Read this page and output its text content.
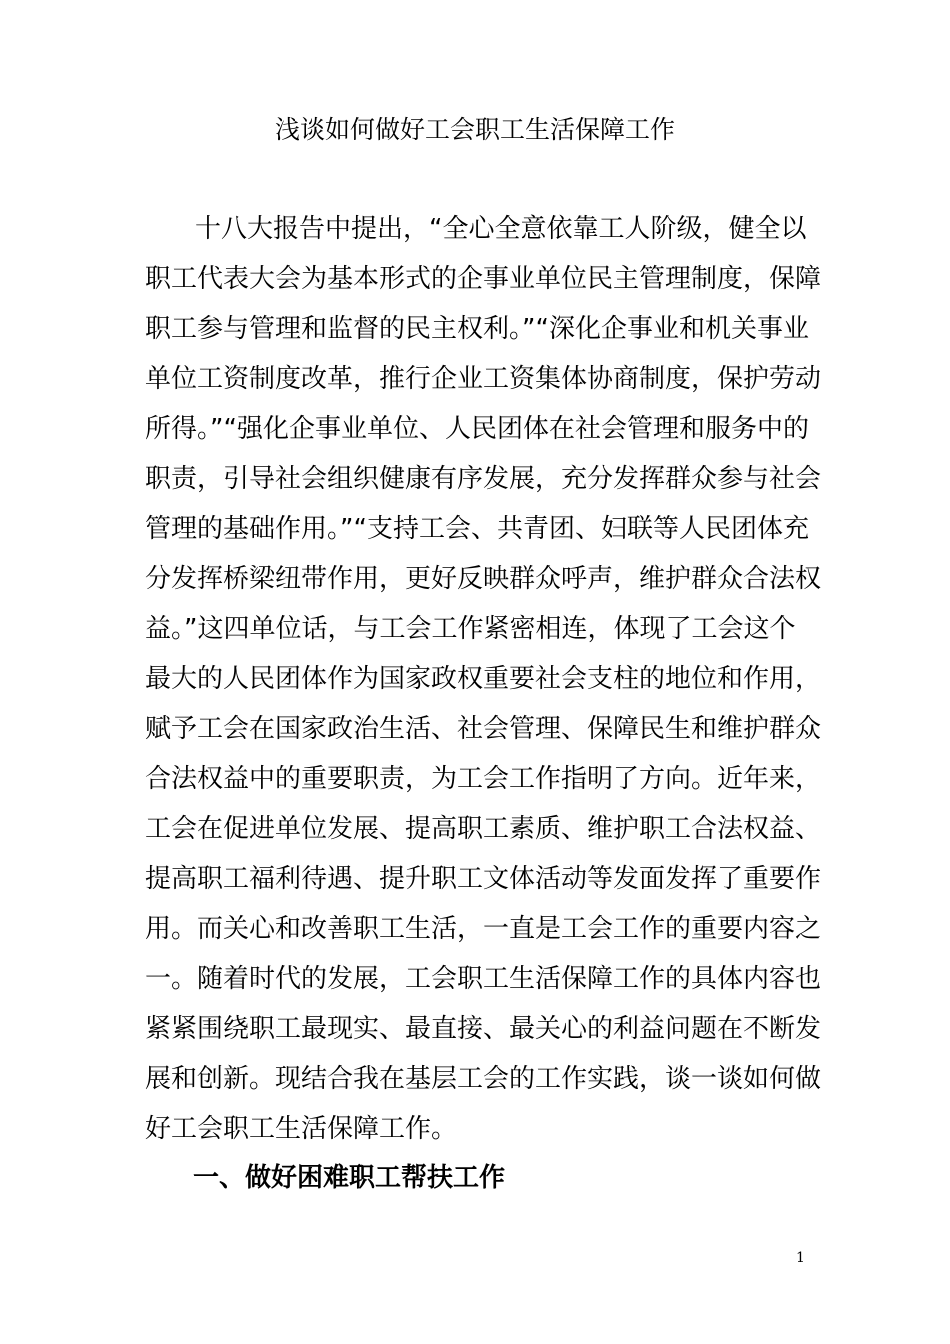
浅谈如何做好工会职工生活保障工作
十八大报告中提出，“全心全意依靠工人阶级，健全以
职工代表大会为基本形式的企事业单位民主管理制度，保障
职工参与管理和监督的民主权利。”“深化企事业和机关事业
单位工资制度改革，推行企业工资集体协商制度，保护劳动
所得。”“强化企事业单位、人民团体在社会管理和服务中的
职责，引导社会组织健康有序发展，充分发挥群众参与社会
管理的基础作用。”“支持工会、共青团、妇联等人民团体充
分发挥桥梁纽带作用，更好反映群众呼声，维护群众合法权
益。”这四单位话，与工会工作紧密相连，体现了工会这个
最大的人民团体作为国家政权重要社会支柱的地位和作用，
赋予工会在国家政治生活、社会管理、保障民生和维护群众
合法权益中的重要职责，为工会工作指明了方向。近年来，
工会在促进单位发展、提高职工素质、维护职工合法权益、
提高职工福利待遇、提升职工文体活动等发面发挥了重要作
用。而关心和改善职工生活，一直是工会工作的重要内容之
一。随着时代的发展，工会职工生活保障工作的具体内容也
紧紧围绕职工最现实、最直接、最关心的利益问题在不断发
展和创新。现结合我在基层工会的工作实践，谈一谈如何做
好工会职工生活保障工作。
一、做好困难职工帮扶工作
1
